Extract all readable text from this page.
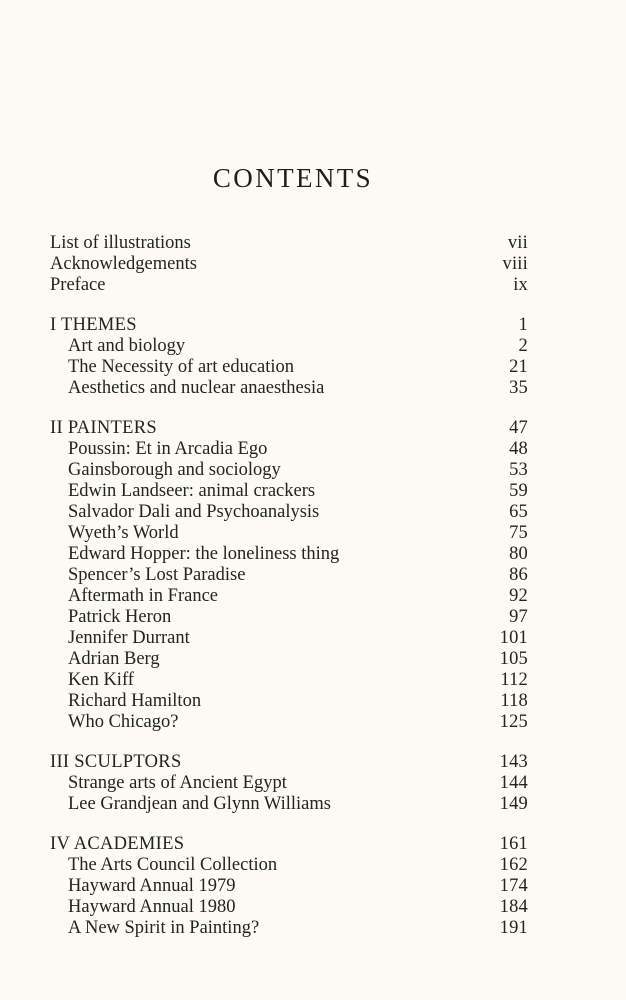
CONTENTS
List of illustrations	vii
Acknowledgements	viii
Preface	ix
I THEMES	1
Art and biology	2
The Necessity of art education	21
Aesthetics and nuclear anaesthesia	35
II PAINTERS	47
Poussin: Et in Arcadia Ego	48
Gainsborough and sociology	53
Edwin Landseer: animal crackers	59
Salvador Dali and Psychoanalysis	65
Wyeth’s World	75
Edward Hopper: the loneliness thing	80
Spencer’s Lost Paradise	86
Aftermath in France	92
Patrick Heron	97
Jennifer Durrant	101
Adrian Berg	105
Ken Kiff	112
Richard Hamilton	118
Who Chicago?	125
III SCULPTORS	143
Strange arts of Ancient Egypt	144
Lee Grandjean and Glynn Williams	149
IV ACADEMIES	161
The Arts Council Collection	162
Hayward Annual 1979	174
Hayward Annual 1980	184
A New Spirit in Painting?	191
